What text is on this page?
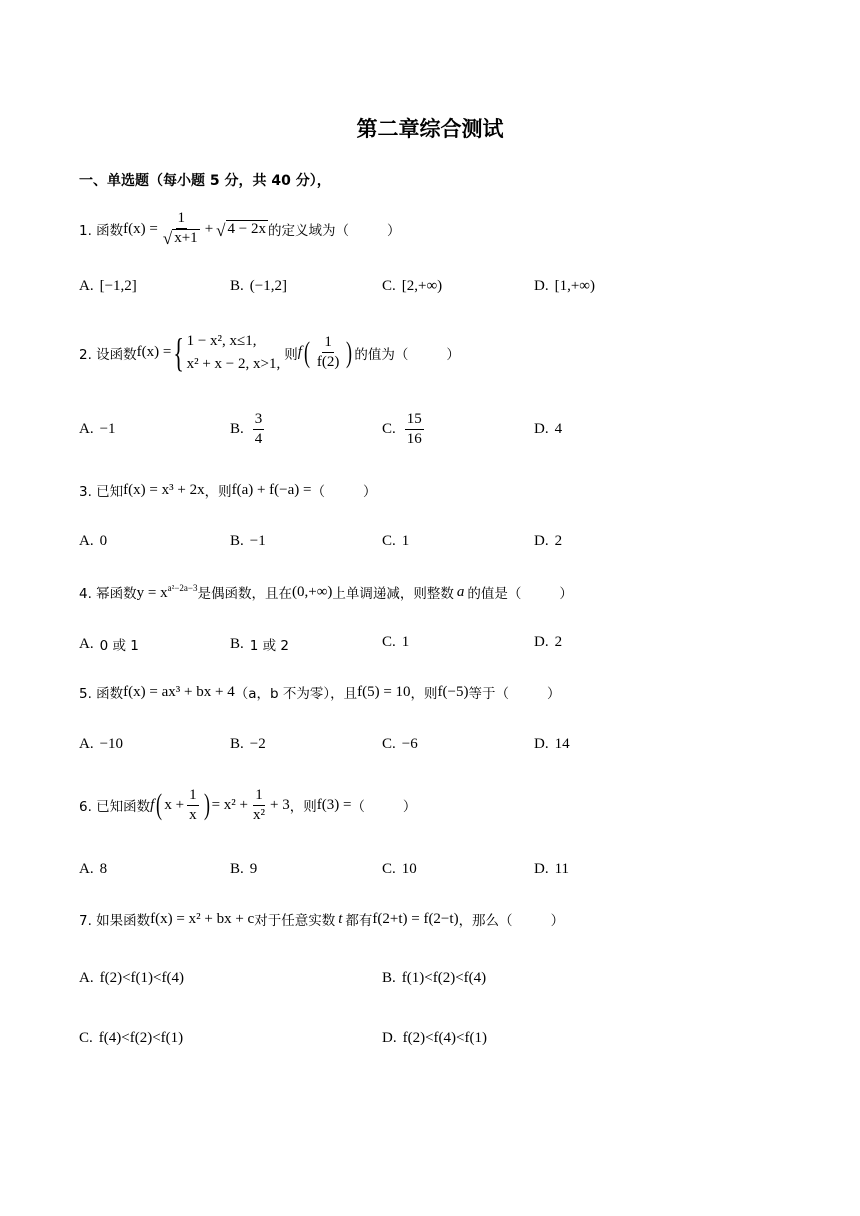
第二章综合测试
一、单选题（每小题 5 分，共 40 分），
1. 函数 $f(x) = \frac{1}{√ x+1}$ + √ 4 − 2x 的定义域为（	）
A. [−1,2]	B. (−1,2]	C. [2,+∞)	D. [1,+∞)
2. 设函数 f(x) = { 1 − x², x≤1,
x² + x − 2, x>1,
则 f ( $\frac{1}{f(2)}$ ) 的值为（	）
A. −1	B. $\frac{3}{4}$	C. $\frac{15}{16}$	D. 4
3. 已知 f(x) = x³ + 2x ，则 f(a) + f(−a) = （	）
A. 0	B. −1	C. 1	D. 2
4. 幂函数 $y = x^{a^2-2a-3}$ 是偶函数，且在 (0,+∞) 上单调递减，则整数 a 的值是（	）
A. 0 或 1	B. 1 或 2	C. 1	D. 2
5. 函数 f(x) = ax³ + bx + 4 （a，b 不为零），且 f(5) = 10 ，则 f(−5) 等于（	）
A. −10	B. −2	C. −6	D. 14
6. 已知函数 f ( $x + \frac{1}{x}$ ) = $x^2 + \frac{1}{\text{x²}} + 3$ ，则 f(3) = （	）
A. 8	B. 9	C. 10	D. 11
7. 如果函数 f(x) = x² + bx + c 对于任意实数 t 都有 f(2+t) = f(2−t) ，那么（	）
A. f(2)<f(1)<f(4)	B. f(1)<f(2)<f(4)
C. f(4)<f(2)<f(1)	D. f(2)<f(4)<f(1)
